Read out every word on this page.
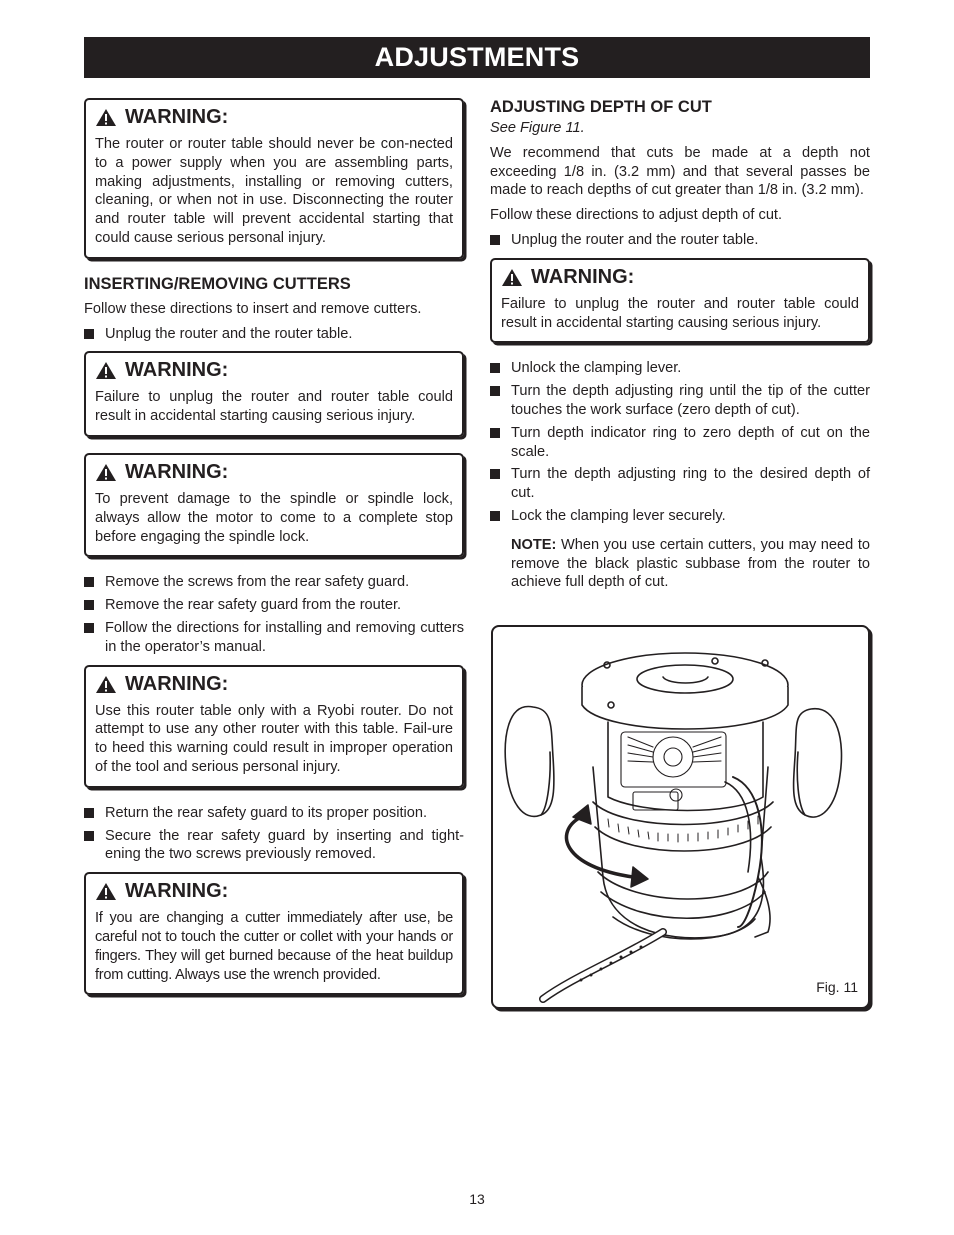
ADJUSTMENTS
WARNING:

The router or router table should never be con-nected to a power supply when you are assembling parts, making adjustments, installing or removing cutters, cleaning, or when not in use. Disconnecting the router and router table will prevent accidental starting that could cause serious personal injury.

INSERTING/REMOVING CUTTERS

Follow these directions to insert and remove cutters.

Unplug the router and the router table.
WARNING:

Failure to unplug the router and router table could result in accidental starting causing serious injury.

WARNING:

To prevent damage to the spindle or spindle lock, always allow the motor to come to a complete stop before engaging the spindle lock.

Remove the screws from the rear safety guard.
Remove the rear safety guard from the router.
Follow the directions for installing and removing cutters in the operator’s manual.
WARNING:

Use this router table only with a Ryobi router. Do not attempt to use any other router with this table. Fail-ure to heed this warning could result in improper operation of the tool and serious personal injury.

Return the rear safety guard to its proper position.
Secure the rear safety guard by inserting and tight-ening the two screws previously removed.
WARNING:

If you are changing a cutter immediately after use, be careful not to touch the cutter or collet with your hands or fingers. They will get burned because of the heat buildup from cutting. Always use the wrench provided.

ADJUSTING DEPTH OF CUT

See Figure 11.

We recommend that cuts be made at a depth not exceeding 1/8 in. (3.2 mm) and that several passes be made to reach depths of cut greater than 1/8 in. (3.2 mm).

Follow these directions to adjust depth of cut.

Unplug the router and the router table.
WARNING:

Failure to unplug the router and router table could result in accidental starting causing serious injury.

Unlock the clamping lever.
Turn the depth adjusting ring until the tip of the cutter touches the work surface (zero depth of cut).
Turn depth indicator ring to zero depth of cut on the scale.
Turn the depth adjusting ring to the desired depth of cut.
Lock the clamping lever securely.

NOTE: When you use certain cutters, you may need to remove the black plastic subbase from the router to achieve full depth of cut.

Fig. 11
13
